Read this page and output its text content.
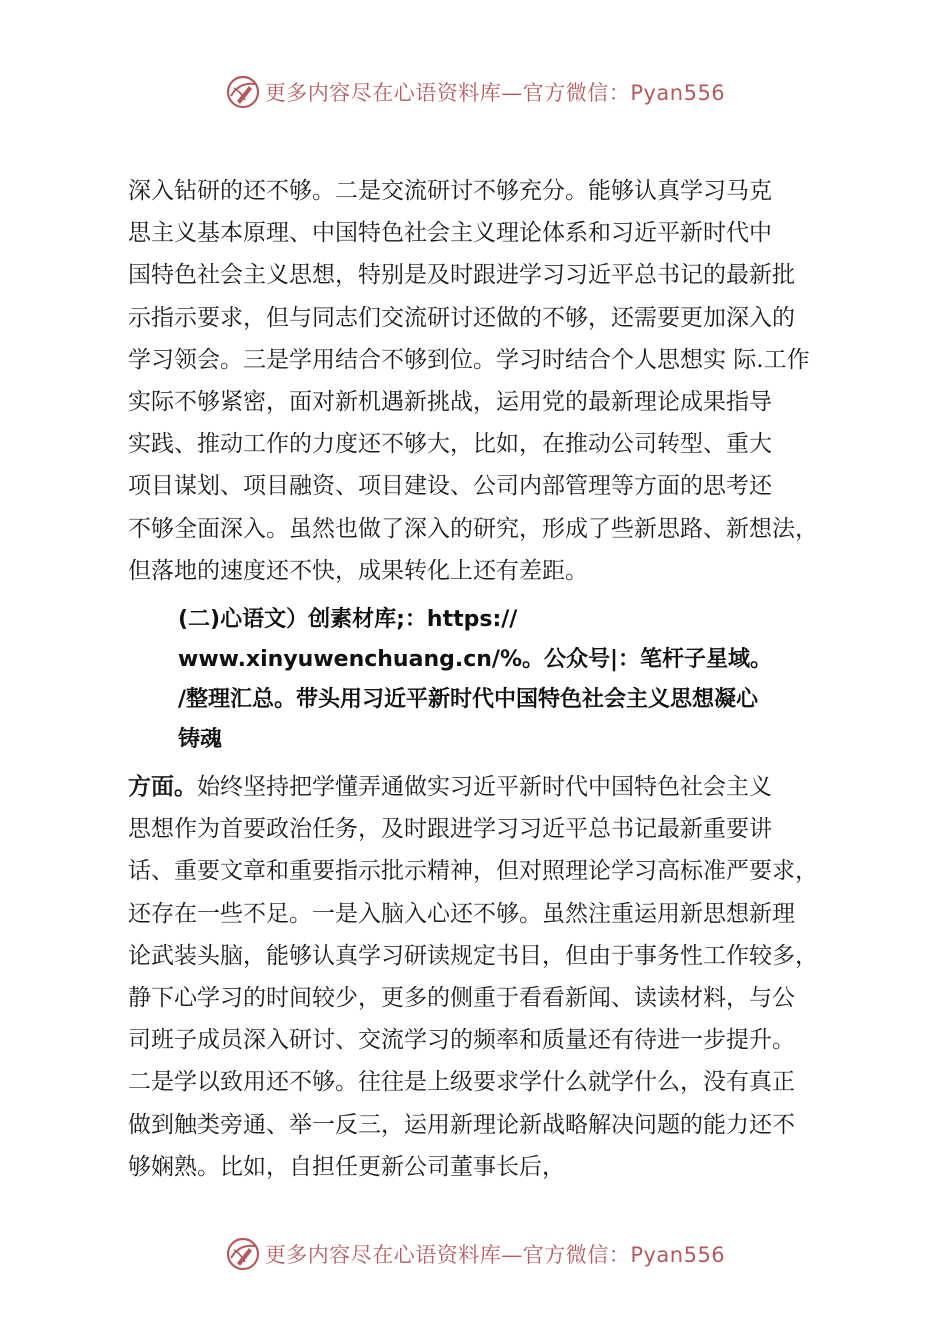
更多内容尽在心语资料库—官方微信：Pyan556
深入钻研的还不够。二是交流研讨不够充分。能够认真学习马克
思主义基本原理、中国特色社会主义理论体系和习近平新时代中
国特色社会主义思想，特别是及时跟进学习习近平总书记的最新批
示指示要求，但与同志们交流研讨还做的不够，还需要更加深入的
学习领会。三是学用结合不够到位。学习时结合个人思想实 际.工作
实际不够紧密，面对新机遇新挑战，运用党的最新理论成果指导
实践、推动工作的力度还不够大，比如，在推动公司转型、重大
项目谋划、项目融资、项目建设、公司内部管理等方面的思考还
不够全面深入。虽然也做了深入的研究，形成了些新思路、新想法，
但落地的速度还不快，成果转化上还有差距。
(二)心语文）创素材库;：https://
www.xinyuwenchuang.cn/%。公众号|：笔杆子星域。
/整理汇总。带头用习近平新时代中国特色社会主义思想凝心
铸魂
方面。始终坚持把学懂弄通做实习近平新时代中国特色社会主义
思想作为首要政治任务，及时跟进学习习近平总书记最新重要讲
话、重要文章和重要指示批示精神，但对照理论学习高标准严要求，
还存在一些不足。一是入脑入心还不够。虽然注重运用新思想新理
论武装头脑，能够认真学习研读规定书目，但由于事务性工作较多，
静下心学习的时间较少，更多的侧重于看看新闻、读读材料，与公
司班子成员深入研讨、交流学习的频率和质量还有待进一步提升。
二是学以致用还不够。往往是上级要求学什么就学什么，没有真正
做到触类旁通、举一反三，运用新理论新战略解决问题的能力还不
够娴熟。比如，自担任更新公司董事长后，
更多内容尽在心语资料库—官方微信：Pyan556
